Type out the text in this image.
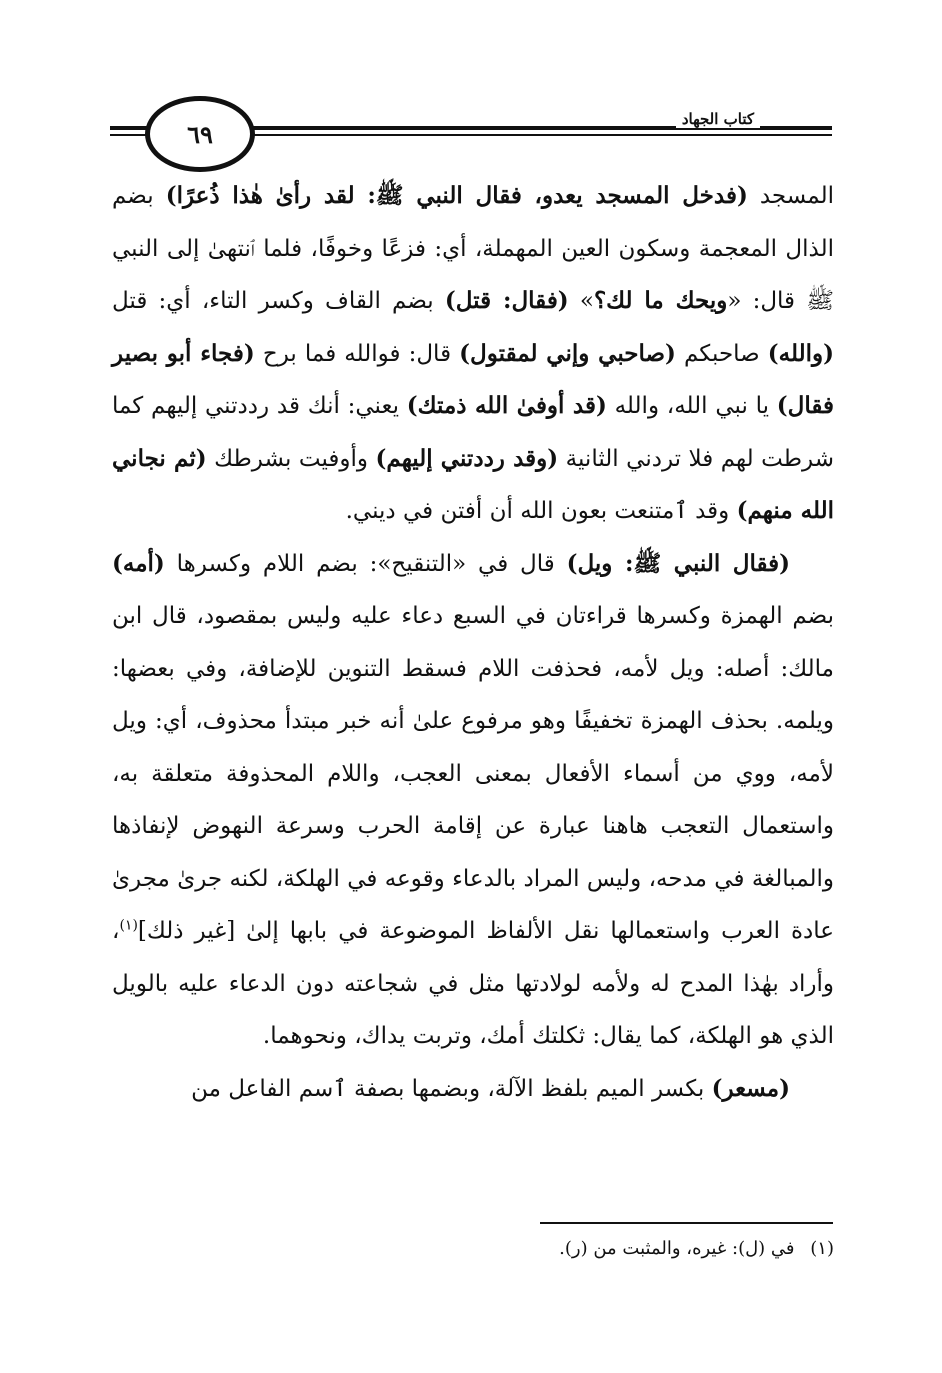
كتاب الجهاد
٦٩

المسجد (فدخل المسجد يعدو، فقال النبي ﷺ: لقد رأىٰ هٰذا ذُعرًا) بضم الذال المعجمة وسكون العين المهملة، أي: فزعًا وخوفًا، فلما ٱنتهىٰ إلى النبي ﷺ قال: «ويحك ما لك؟» (فقال: قتل) بضم القاف وكسر التاء، أي: قتل (والله) صاحبكم (صاحبي وإني لمقتول) قال: فوالله فما برح (فجاء أبو بصير فقال) يا نبي الله، والله (قد أوفىٰ الله ذمتك) يعني: أنك قد رددتني إليهم كما شرطت لهم فلا تردني الثانية (وقد رددتني إليهم) وأوفيت بشرطك (ثم نجاني الله منهم) وقد ٱمتنعت بعون الله أن أفتن في ديني.

(فقال النبي ﷺ: ويل) قال في «التنقيح»: بضم اللام وكسرها (أمه) بضم الهمزة وكسرها قراءتان في السبع دعاء عليه وليس بمقصود، قال ابن مالك: أصله: ويل لأمه، فحذفت اللام فسقط التنوين للإضافة، وفي بعضها: ويلمه. بحذف الهمزة تخفيفًا وهو مرفوع علىٰ أنه خبر مبتدأ محذوف، أي: ويل لأمه، ووي من أسماء الأفعال بمعنى العجب، واللام المحذوفة متعلقة به، واستعمال التعجب هاهنا عبارة عن إقامة الحرب وسرعة النهوض لإنفاذها والمبالغة في مدحه، وليس المراد بالدعاء وقوعه في الهلكة، لكنه جرىٰ مجرىٰ عادة العرب واستعمالها نقل الألفاظ الموضوعة في بابها إلىٰ [غير ذلك]$^{(١)}$، وأراد بهٰذا المدح له ولأمه لولادتها مثل في شجاعته دون الدعاء عليه بالويل الذي هو الهلكة، كما يقال: ثكلتك أمك، وتربت يداك، ونحوهما.

(مسعر) بكسر الميم بلفظ الآلة، وبضمها بصفة ٱسم الفاعل من

(١) في (ل): غيره، والمثبت من (ر).
